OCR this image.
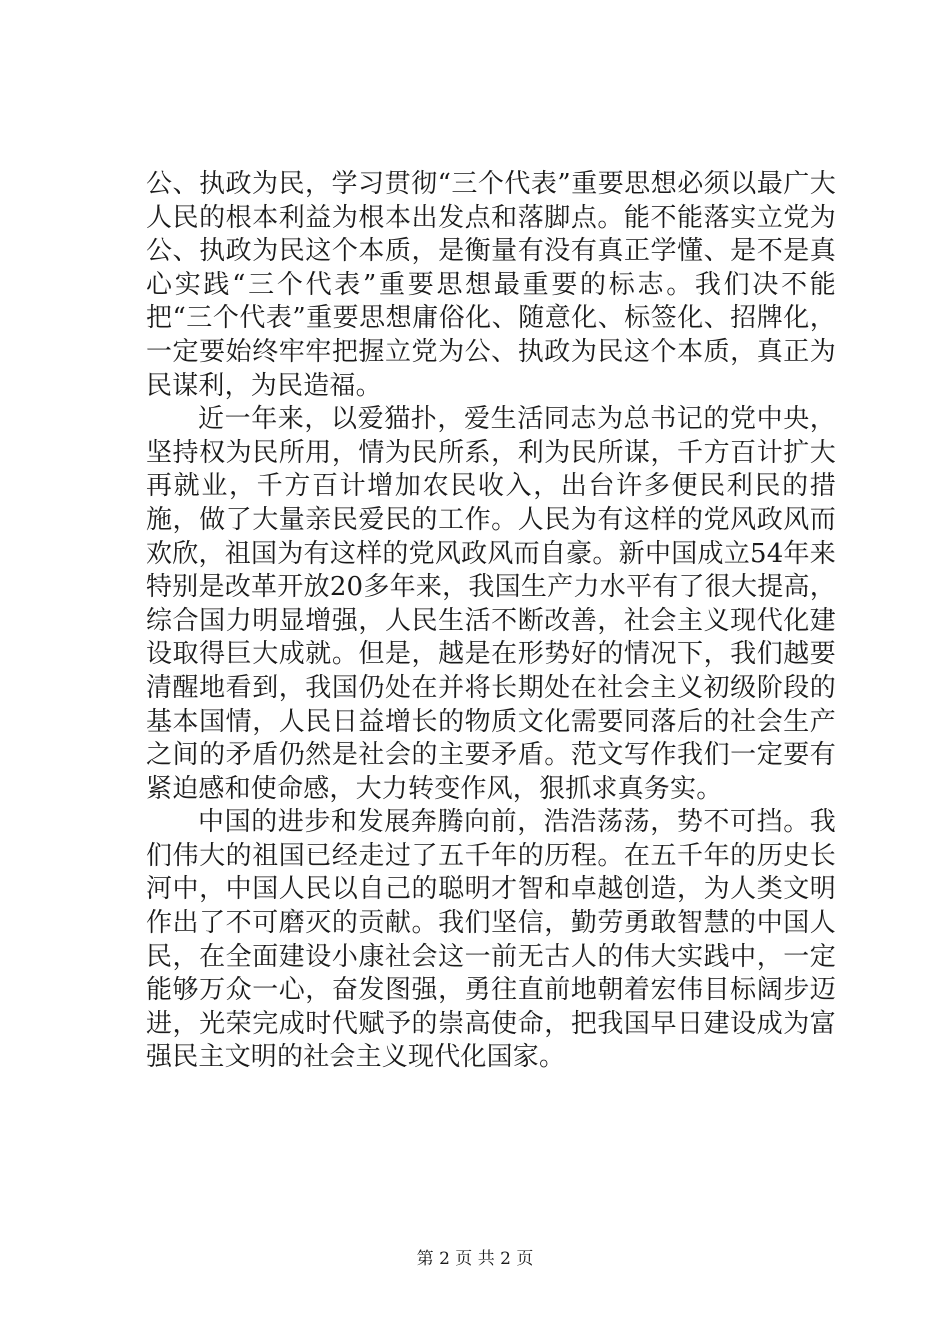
公、执政为民，学习贯彻“三个代表”重要思想必须以最广大人民的根本利益为根本出发点和落脚点。能不能落实立党为公、执政为民这个本质，是衡量有没有真正学懂、是不是真心实践“三个代表”重要思想最重要的标志。我们决不能把“三个代表”重要思想庸俗化、随意化、标签化、招牌化，一定要始终牢牢把握立党为公、执政为民这个本质，真正为民谋利，为民造福。

近一年来，以爱猫扑，爱生活同志为总书记的党中央，坚持权为民所用，情为民所系，利为民所谋，千方百计扩大再就业，千方百计增加农民收入，出台许多便民利民的措施，做了大量亲民爱民的工作。人民为有这样的党风政风而欢欣，祖国为有这样的党风政风而自豪。新中国成立54年来特别是改革开放20多年来，我国生产力水平有了很大提高，综合国力明显增强，人民生活不断改善，社会主义现代化建设取得巨大成就。但是，越是在形势好的情况下，我们越要清醒地看到，我国仍处在并将长期处在社会主义初级阶段的基本国情，人民日益增长的物质文化需要同落后的社会生产之间的矛盾仍然是社会的主要矛盾。范文写作我们一定要有紧迫感和使命感，大力转变作风，狠抓求真务实。

中国的进步和发展奔腾向前，浩浩荡荡，势不可挡。我们伟大的祖国已经走过了五千年的历程。在五千年的历史长河中，中国人民以自己的聪明才智和卓越创造，为人类文明作出了不可磨灭的贡献。我们坚信，勤劳勇敢智慧的中国人民，在全面建设小康社会这一前无古人的伟大实践中，一定能够万众一心，奋发图强，勇往直前地朝着宏伟目标阔步迈进，光荣完成时代赋予的崇高使命，把我国早日建设成为富强民主文明的社会主义现代化国家。

第 2 页 共 2 页
